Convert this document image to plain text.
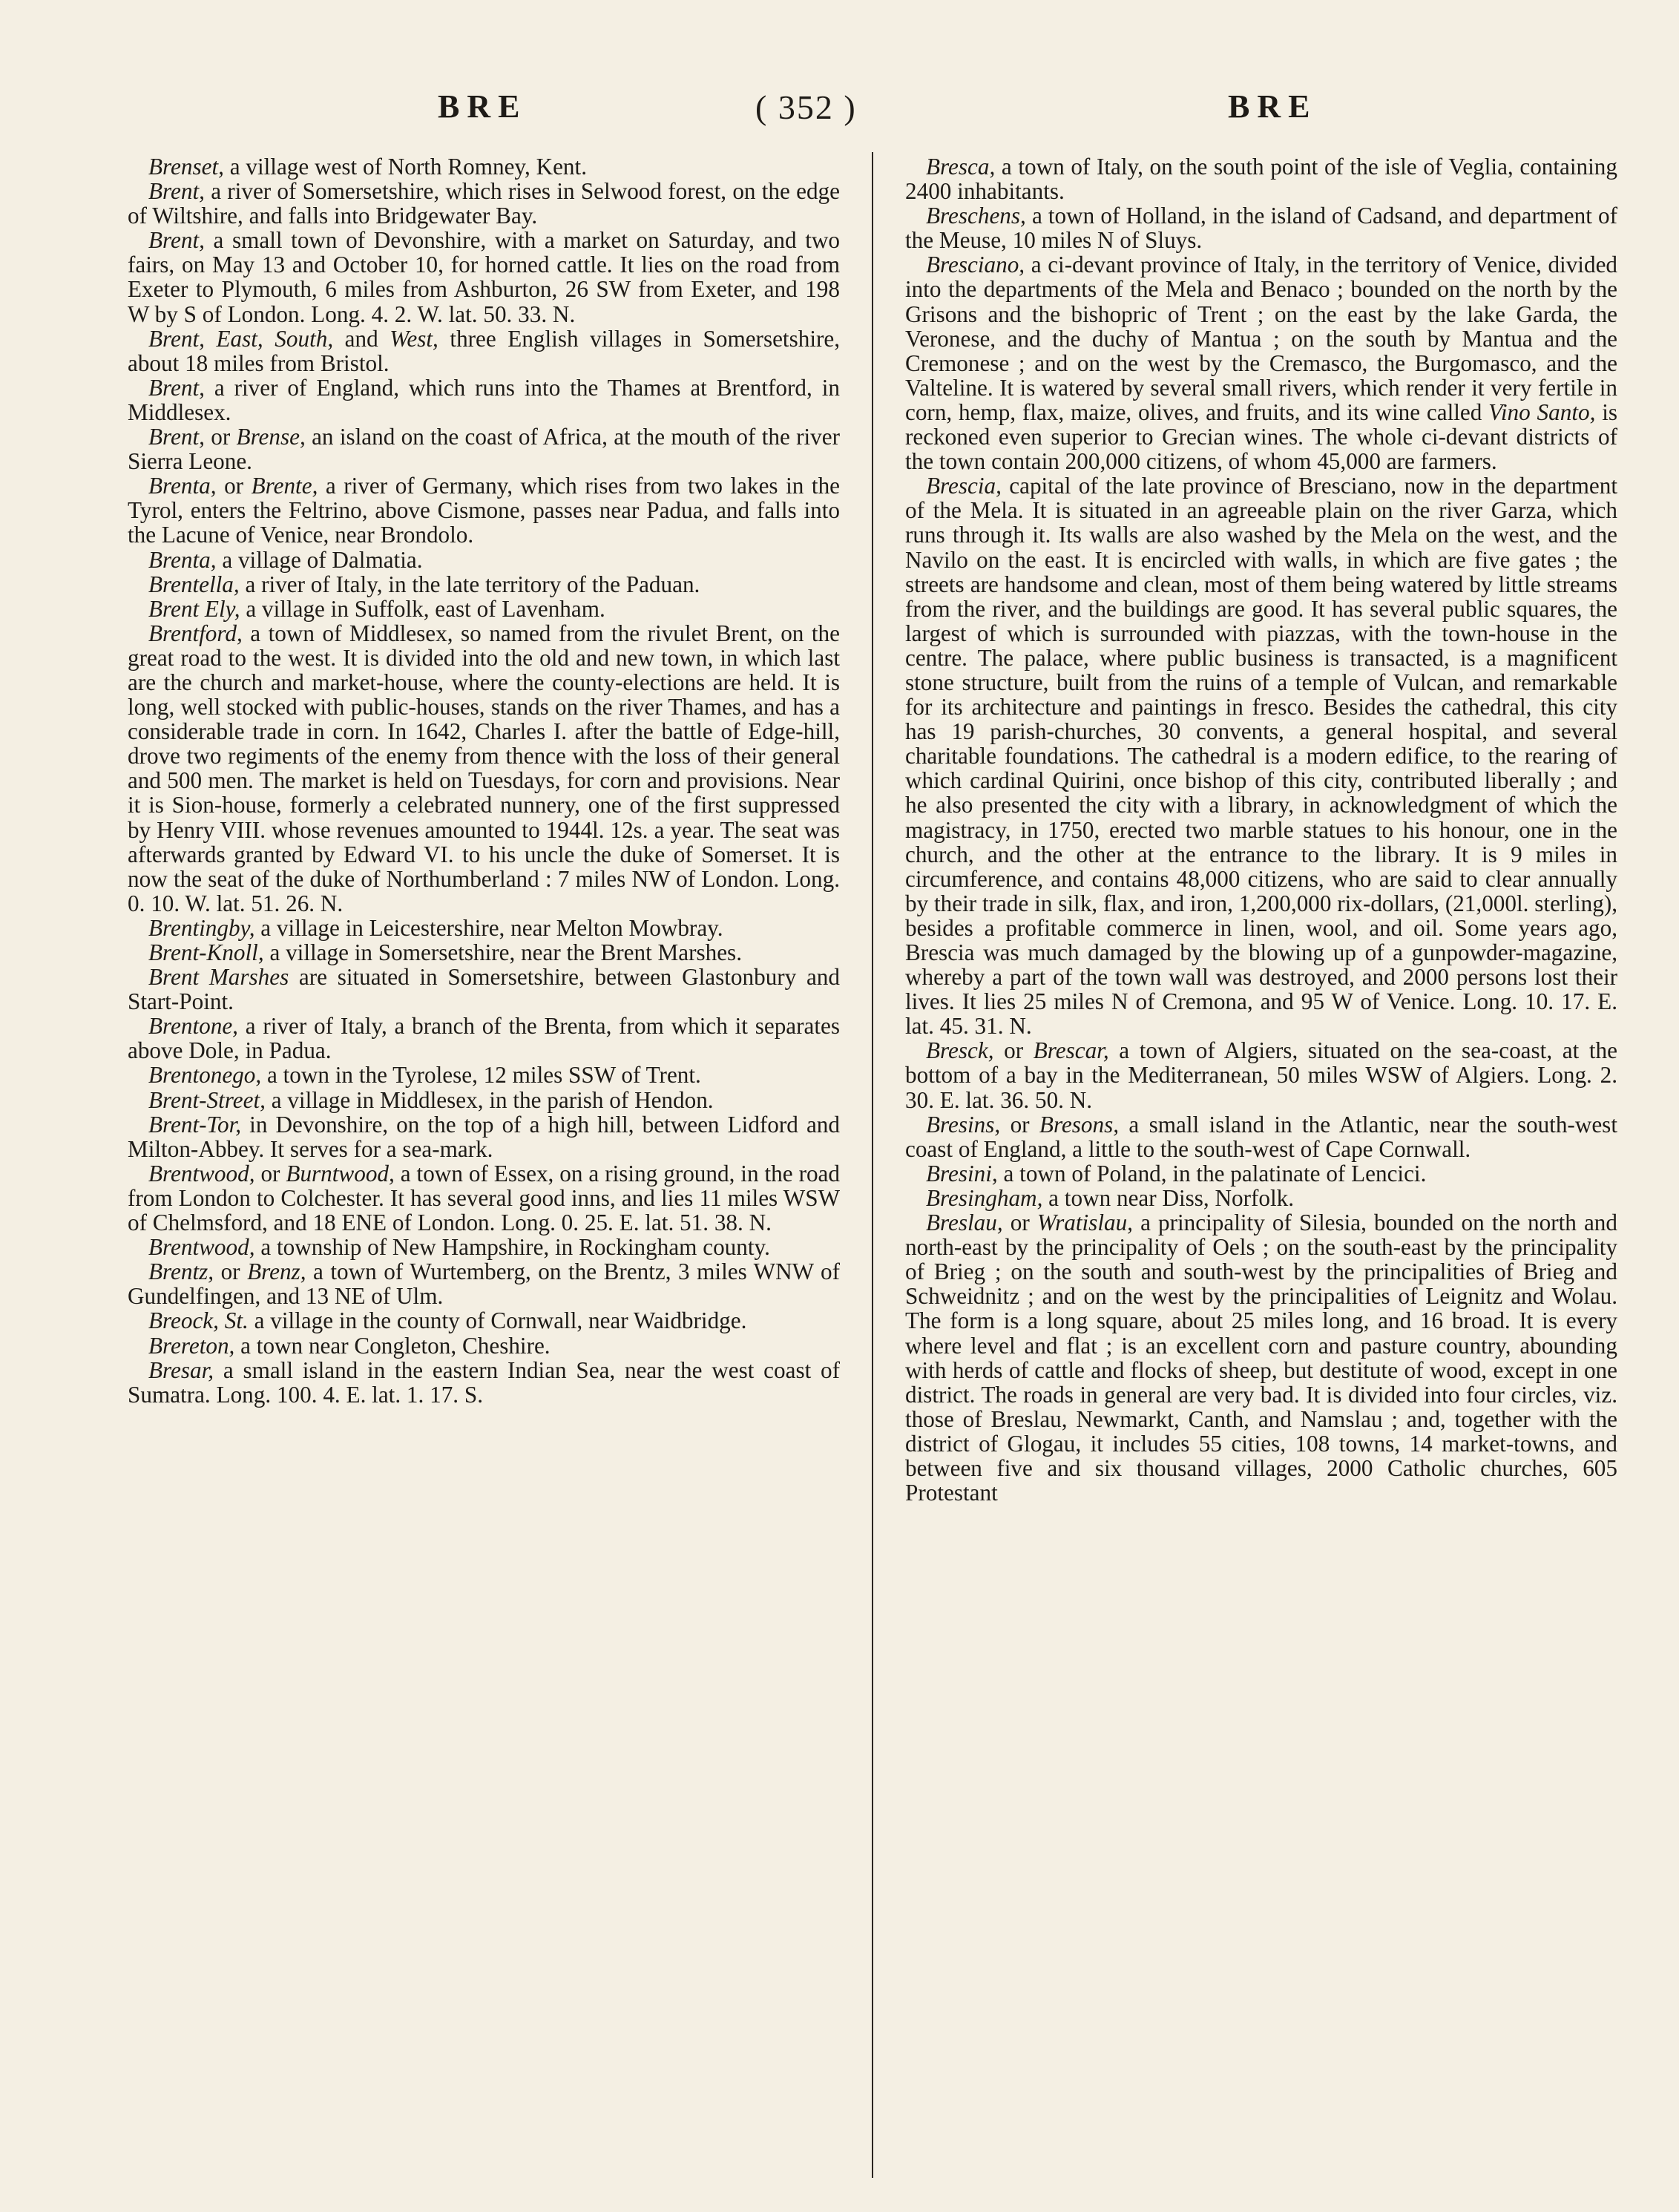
BRE	( 352 )	BRE

Brenset, a village west of North Romney, Kent.

Brent, a river of Somersetshire, which rises in Selwood forest, on the edge of Wiltshire, and falls into Bridgewater Bay.

Brent, a small town of Devonshire, with a market on Saturday, and two fairs, on May 13 and October 10, for horned cattle. It lies on the road from Exeter to Plymouth, 6 miles from Ashburton, 26 SW from Exeter, and 198 W by S of London. Long. 4. 2. W. lat. 50. 33. N.

Brent, East, South, and West, three English villages in Somersetshire, about 18 miles from Bristol.

Brent, a river of England, which runs into the Thames at Brentford, in Middlesex.

Brent, or Brense, an island on the coast of Africa, at the mouth of the river Sierra Leone.

Brenta, or Brente, a river of Germany, which rises from two lakes in the Tyrol, enters the Feltrino, above Cismone, passes near Padua, and falls into the Lacune of Venice, near Brondolo.

Brenta, a village of Dalmatia.

Brentella, a river of Italy, in the late territory of the Paduan.

Brent Ely, a village in Suffolk, east of Lavenham.

Brentford, a town of Middlesex, so named from the rivulet Brent, on the great road to the west. It is divided into the old and new town, in which last are the church and market-house, where the county-elections are held. It is long, well stocked with public-houses, stands on the river Thames, and has a considerable trade in corn. In 1642, Charles I. after the battle of Edge-hill, drove two regiments of the enemy from thence with the loss of their general and 500 men. The market is held on Tuesdays, for corn and provisions. Near it is Sion-house, formerly a celebrated nunnery, one of the first suppressed by Henry VIII. whose revenues amounted to 1944l. 12s. a year. The seat was afterwards granted by Edward VI. to his uncle the duke of Somerset. It is now the seat of the duke of Northumberland : 7 miles NW of London. Long. 0. 10. W. lat. 51. 26. N.

Brentingby, a village in Leicestershire, near Melton Mowbray.

Brent-Knoll, a village in Somersetshire, near the Brent Marshes.

Brent Marshes are situated in Somersetshire, between Glastonbury and Start-Point.

Brentone, a river of Italy, a branch of the Brenta, from which it separates above Dole, in Padua.

Brentonego, a town in the Tyrolese, 12 miles SSW of Trent.

Brent-Street, a village in Middlesex, in the parish of Hendon.

Brent-Tor, in Devonshire, on the top of a high hill, between Lidford and Milton-Abbey. It serves for a sea-mark.

Brentwood, or Burntwood, a town of Essex, on a rising ground, in the road from London to Colchester. It has several good inns, and lies 11 miles WSW of Chelmsford, and 18 ENE of London. Long. 0. 25. E. lat. 51. 38. N.

Brentwood, a township of New Hampshire, in Rockingham county.

Brentz, or Brenz, a town of Wurtemberg, on the Brentz, 3 miles WNW of Gundelfingen, and 13 NE of Ulm.

Breock, St. a village in the county of Cornwall, near Waidbridge.

Brereton, a town near Congleton, Cheshire.

Bresar, a small island in the eastern Indian Sea, near the west coast of Sumatra. Long. 100. 4. E. lat. 1. 17. S.

Bresca, a town of Italy, on the south point of the isle of Veglia, containing 2400 inhabitants.

Breschens, a town of Holland, in the island of Cadsand, and department of the Meuse, 10 miles N of Sluys.

Bresciano, a ci-devant province of Italy, in the territory of Venice, divided into the departments of the Mela and Benaco ; bounded on the north by the Grisons and the bishopric of Trent ; on the east by the lake Garda, the Veronese, and the duchy of Mantua ; on the south by Mantua and the Cremonese ; and on the west by the Cremasco, the Burgomasco, and the Valteline. It is watered by several small rivers, which render it very fertile in corn, hemp, flax, maize, olives, and fruits, and its wine called Vino Santo, is reckoned even superior to Grecian wines. The whole ci-devant districts of the town contain 200,000 citizens, of whom 45,000 are farmers.

Brescia, capital of the late province of Bresciano, now in the department of the Mela. It is situated in an agreeable plain on the river Garza, which runs through it. Its walls are also washed by the Mela on the west, and the Navilo on the east. It is encircled with walls, in which are five gates ; the streets are handsome and clean, most of them being watered by little streams from the river, and the buildings are good. It has several public squares, the largest of which is surrounded with piazzas, with the town-house in the centre. The palace, where public business is transacted, is a magnificent stone structure, built from the ruins of a temple of Vulcan, and remarkable for its architecture and paintings in fresco. Besides the cathedral, this city has 19 parish-churches, 30 convents, a general hospital, and several charitable foundations. The cathedral is a modern edifice, to the rearing of which cardinal Quirini, once bishop of this city, contributed liberally ; and he also presented the city with a library, in acknowledgment of which the magistracy, in 1750, erected two marble statues to his honour, one in the church, and the other at the entrance to the library. It is 9 miles in circumference, and contains 48,000 citizens, who are said to clear annually by their trade in silk, flax, and iron, 1,200,000 rix-dollars, (21,000l. sterling), besides a profitable commerce in linen, wool, and oil. Some years ago, Brescia was much damaged by the blowing up of a gunpowder-magazine, whereby a part of the town wall was destroyed, and 2000 persons lost their lives. It lies 25 miles N of Cremona, and 95 W of Venice. Long. 10. 17. E. lat. 45. 31. N.

Bresck, or Brescar, a town of Algiers, situated on the sea-coast, at the bottom of a bay in the Mediterranean, 50 miles WSW of Algiers. Long. 2. 30. E. lat. 36. 50. N.

Bresins, or Bresons, a small island in the Atlantic, near the south-west coast of England, a little to the south-west of Cape Cornwall.

Bresini, a town of Poland, in the palatinate of Lencici.

Bresingham, a town near Diss, Norfolk.

Breslau, or Wratislau, a principality of Silesia, bounded on the north and north-east by the principality of Oels ; on the south-east by the principality of Brieg ; on the south and south-west by the principalities of Brieg and Schweidnitz ; and on the west by the principalities of Leignitz and Wolau. The form is a long square, about 25 miles long, and 16 broad. It is every where level and flat ; is an excellent corn and pasture country, abounding with herds of cattle and flocks of sheep, but destitute of wood, except in one district. The roads in general are very bad. It is divided into four circles, viz. those of Breslau, Newmarkt, Canth, and Namslau ; and, together with the district of Glogau, it includes 55 cities, 108 towns, 14 market-towns, and between five and six thousand villages, 2000 Catholic churches, 605 Protestant
